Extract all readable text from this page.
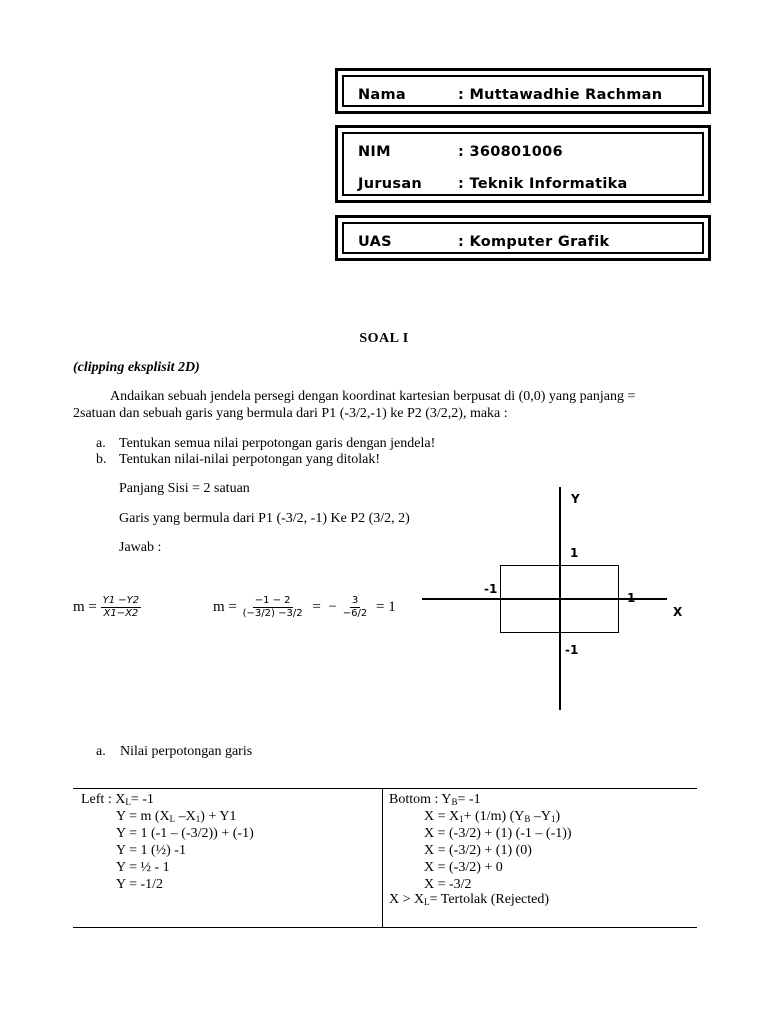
Nama	: Muttawadhie Rachman
NIM	: 360801006
Jurusan : Teknik Informatika
UAS	: Komputer Grafik
SOAL I
(clipping eksplisit 2D)
Andaikan sebuah jendela persegi dengan koordinat kartesian berpusat di (0,0) yang panjang =
2satuan dan sebuah garis yang bermula dari P1 (-3/2,-1) ke P2 (3/2,2), maka :
a. Tentukan semua nilai perpotongan garis dengan jendela!
b. Tentukan nilai-nilai perpotongan yang ditolak!
Panjang Sisi = 2 satuan
Garis yang bermula dari P1 (-3/2, -1) Ke P2 (3/2, 2)
Jawab :
Y
X
1
-1
-1
1
$m = \frac{Y1 -Y2}{X1-X2}$	$m = \frac{-1 - 2}{(-3/2) -3/2}$ = − $\frac{3}{-6/2} = 1$
a. Nilai perpotongan garis
Left : $X_L= -1$
Y = m ($X_L$ $-X_1) + Y1$
Y = 1 (-1 – (-3/2)) + (-1)
Y = 1 (½) -1
Y = ½ - 1
Y = -1/2
Bottom : $Y_B= -1$
$X = X_1+ (1/m)$ ($Y_B$ $-Y_1$)
X = (-3/2) + (1) (-1 – (-1))
X = (-3/2) + (1) (0)
X = (-3/2) + 0
X = -3/2
$X > X_L=$ Tertolak (Rejected)
